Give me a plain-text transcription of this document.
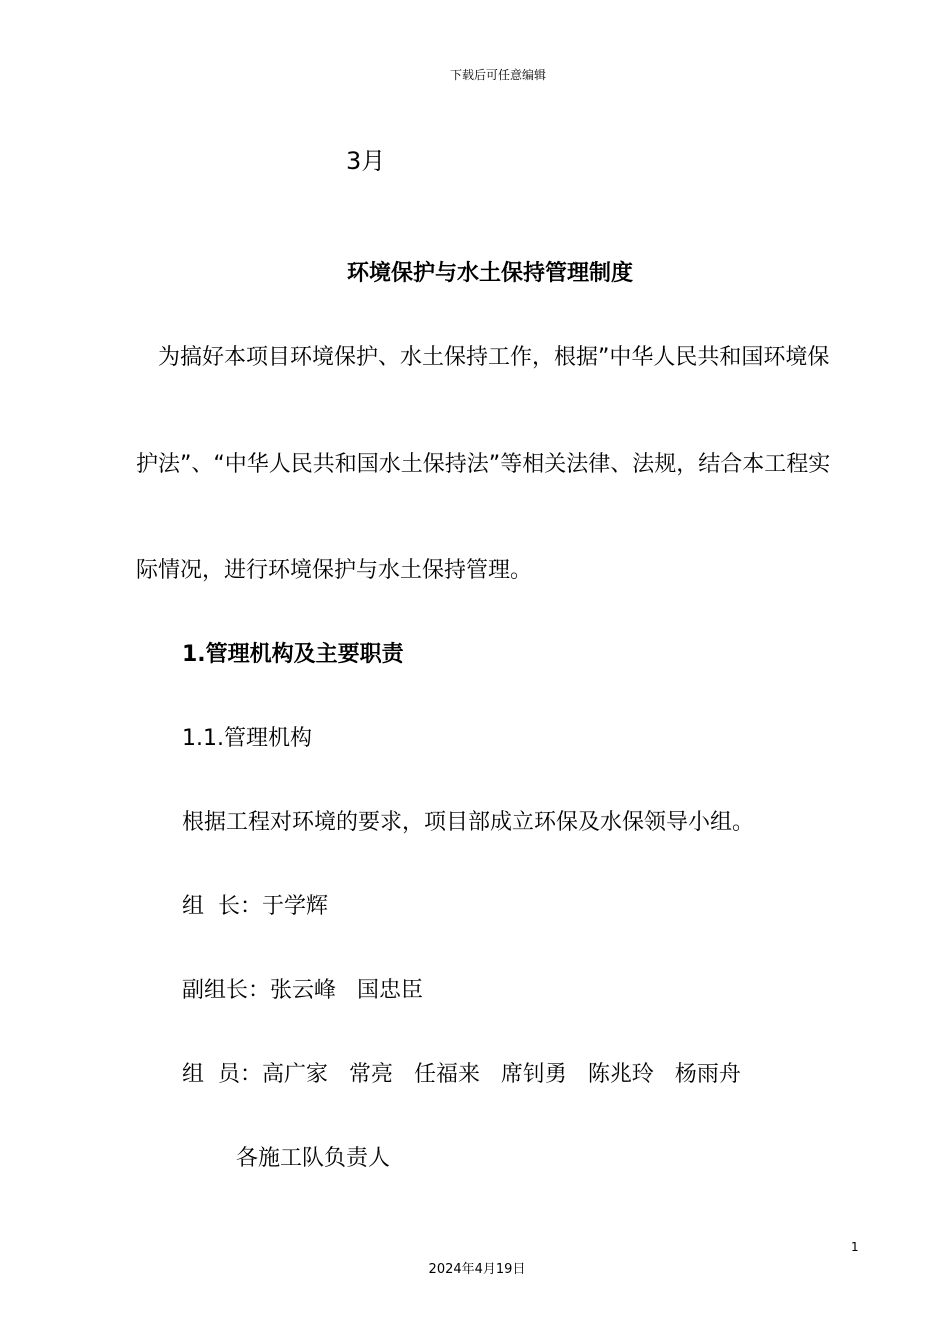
下载后可任意编辑
3月
环境保护与水土保持管理制度
　为搞好本项目环境保护、水土保持工作，根据”中华人民共和国环境保
护法”、“中华人民共和国水土保持法”等相关法律、法规，结合本工程实
际情况，进行环境保护与水土保持管理。
1.管理机构及主要职责
1.1.管理机构
根据工程对环境的要求，项目部成立环保及水保领导小组。
组  长：于学辉
副组长：张云峰   国忠臣
组  员：高广家   常亮   任福来   席钊勇   陈兆玲   杨雨舟
各施工队负责人
1
2024年4月19日
